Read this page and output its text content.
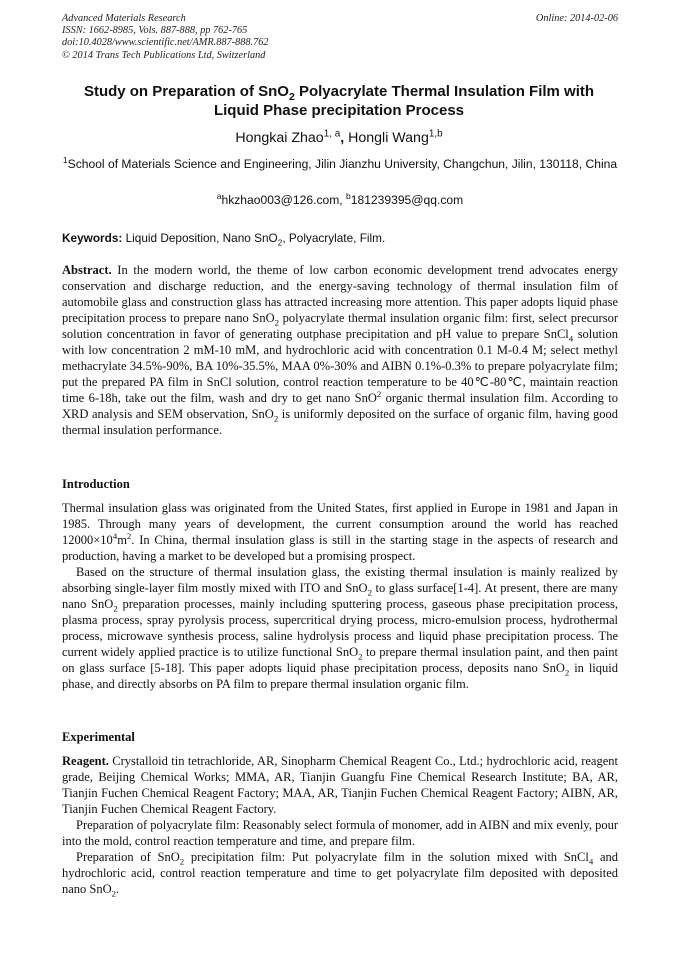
Advanced Materials Research
ISSN: 1662-8985, Vols. 887-888, pp 762-765
doi:10.4028/www.scientific.net/AMR.887-888.762
© 2014 Trans Tech Publications Ltd, Switzerland
Online: 2014-02-06
Study on Preparation of SnO$_2$ Polyacrylate Thermal Insulation Film with
Liquid Phase precipitation Process
Hongkai Zhao$^{1, a}$, Hongli Wang$^{1,b}$
$^1$School of Materials Science and Engineering, Jilin Jianzhu University, Changchun, Jilin, 130118, China
$^a$hkzhao003@126.com, $^b$181239395@qq.com
Keywords: Liquid Deposition, Nano SnO$_2$, Polyacrylate, Film.

Abstract. In the modern world, the theme of low carbon economic development trend advocates energy conservation and discharge reduction, and the energy-saving technology of thermal insulation film of automobile glass and construction glass has attracted increasing more attention. This paper adopts liquid phase precipitation process to prepare nano SnO$_2$ polyacrylate thermal insulation organic film: first, select precursor solution concentration in favor of generating outphase precipitation and pH value to prepare SnCl$_4$ solution with low concentration 2 mM-10 mM, and hydrochloric acid with concentration 0.1 M-0.4 M; select methyl methacrylate 34.5%-90%, BA 10%-35.5%, MAA 0%-30% and AIBN 0.1%-0.3% to prepare polyacrylate film; put the prepared PA film in SnCl solution, control reaction temperature to be 40℃-80℃, maintain reaction time 6-18h, take out the film, wash and dry to get nano SnO$^2$ organic thermal insulation film. According to XRD analysis and SEM observation, SnO$_2$ is uniformly deposited on the surface of organic film, having good thermal insulation performance.

Introduction

Thermal insulation glass was originated from the United States, first applied in Europe in 1981 and Japan in 1985. Through many years of development, the current consumption around the world has reached $12000\times 10^4m^2$. In China, thermal insulation glass is still in the starting stage in the aspects of research and production, having a market to be developed but a promising prospect.

Based on the structure of thermal insulation glass, the existing thermal insulation is mainly realized by absorbing single-layer film mostly mixed with ITO and SnO$_2$ to glass surface[1-4]. At present, there are many nano SnO$_2$ preparation processes, mainly including sputtering process, gaseous phase precipitation process, plasma process, spray pyrolysis process, supercritical drying process, micro-emulsion process, hydrothermal process, microwave synthesis process, saline hydrolysis process and liquid phase precipitation process. The current widely applied practice is to utilize functional SnO$_2$ to prepare thermal insulation paint, and then paint on glass surface [5-18]. This paper adopts liquid phase precipitation process, deposits nano SnO$_2$ in liquid phase, and directly absorbs on PA film to prepare thermal insulation organic film.

Experimental

Reagent. Crystalloid tin tetrachloride, AR, Sinopharm Chemical Reagent Co., Ltd.; hydrochloric acid, reagent grade, Beijing Chemical Works; MMA, AR, Tianjin Guangfu Fine Chemical Research Institute; BA, AR, Tianjin Fuchen Chemical Reagent Factory; MAA, AR, Tianjin Fuchen Chemical Reagent Factory; AIBN, AR, Tianjin Fuchen Chemical Reagent Factory.

Preparation of polyacrylate film: Reasonably select formula of monomer, add in AIBN and mix evenly, pour into the mold, control reaction temperature and time, and prepare film.

Preparation of SnO$_2$ precipitation film: Put polyacrylate film in the solution mixed with SnCl$_4$ and hydrochloric acid, control reaction temperature and time to get polyacrylate film deposited with deposited nano SnO$_2$.
